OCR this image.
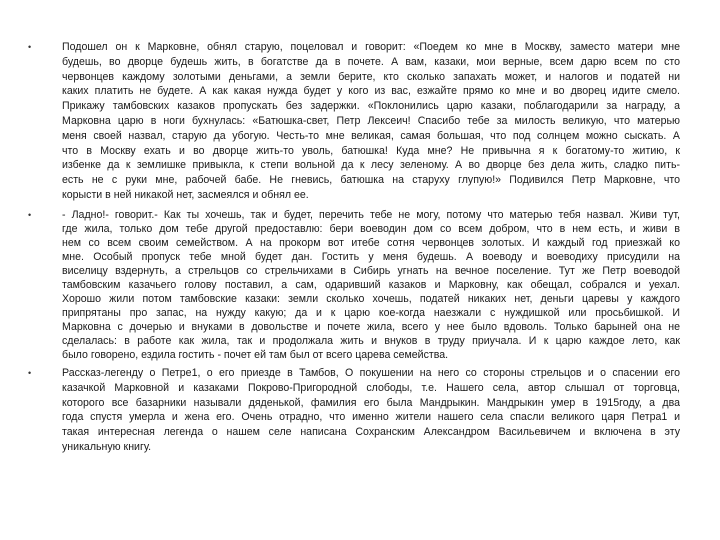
•	Подошел он к Марковне, обнял старую, поцеловал и говорит: «Поедем ко мне в Москву, заместо матери мне
будешь, во дворце будешь жить, в богатстве да в почете. А вам, казаки, мои верные, всем дарю всем по сто
червонцев каждому золотыми деньгами, а земли берите, кто сколько запахать может, и налогов и податей ни
каких платить не будете. А как какая нужда будет у кого из вас, езжайте прямо ко мне и во дворец идите смело.
Прикажу тамбовских казаков пропускать без задержки. «Поклонились царю казаки, поблагодарили за награду, а
Марковна царю в ноги бухнулась: «Батюшка-свет, Петр Лексеич! Спасибо тебе за милость великую, что матерью
меня своей назвал, старую да убогую. Честь-то мне великая, самая большая, что под солнцем можно сыскать. А
что в Москву ехать и во дворце жить-то уволь, батюшка! Куда мне? Не привычна я к богатому-то житию, к
избенке да к землишке привыкла, к степи вольной да к лесу зеленому. А во дворце без дела жить, сладко пить-
есть не с руки мне, рабочей бабе. Не гневись, батюшка на старуху глупую!» Подивился Петр Марковне, что
корысти в ней никакой нет, засмеялся и обнял ее.
•	- Ладно!- говорит.- Как ты хочешь, так и будет, перечить тебе не могу, потому что матерью тебя назвал. Живи тут,
где жила, только дом тебе другой предоставлю: бери воеводин дом со всем добром, что в нем есть, и живи в
нем со всем своим семейством. А на прокорм вот итебе сотня червонцев золотых. И каждый год приезжай ко
мне. Особый пропуск тебе мной будет дан. Гостить у меня будешь. А воеводу и воеводиху присудили на
виселицу вздернуть, а стрельцов со стрельчихами в Сибирь угнать на вечное поселение. Тут же Петр воеводой
тамбовским казачьего голову поставил, а сам, одаривший казаков и Марковну, как обещал, собрался и уехал.
Хорошо жили потом тамбовские казаки: земли сколько хочешь, податей никаких нет, деньги царевы у каждого
припрятаны про запас, на нужду какую; да и к царю кое-когда наезжали с нуждишкой или просьбишкой. И
Марковна с дочерью и внуками в довольстве и почете жила, всего у нее было вдоволь. Только барыней она не
сделалась: в работе как жила, так и продолжала жить и внуков в труду приучала. И к царю каждое лето, как
было говорено, ездила гостить - почет ей там был от всего царева семейства.
•	Рассказ-легенду о Петре1, о его приезде в Тамбов, О покушении на него со стороны стрельцов и о спасении его
казачкой Марковной и казаками Покрово-Пригородной слободы, т.е. Нашего села, автор слышал от торговца,
которого все базарники называли дяденькой, фамилия его была Мандрыкин. Мандрыкин умер в 1915году, а два
года спустя умерла и жена его. Очень отрадно, что именно жители нашего села спасли великого царя Петра1 и
такая интересная легенда о нашем селе написана Сохранским Александром Васильевичем и включена в эту
уникальную книгу.
